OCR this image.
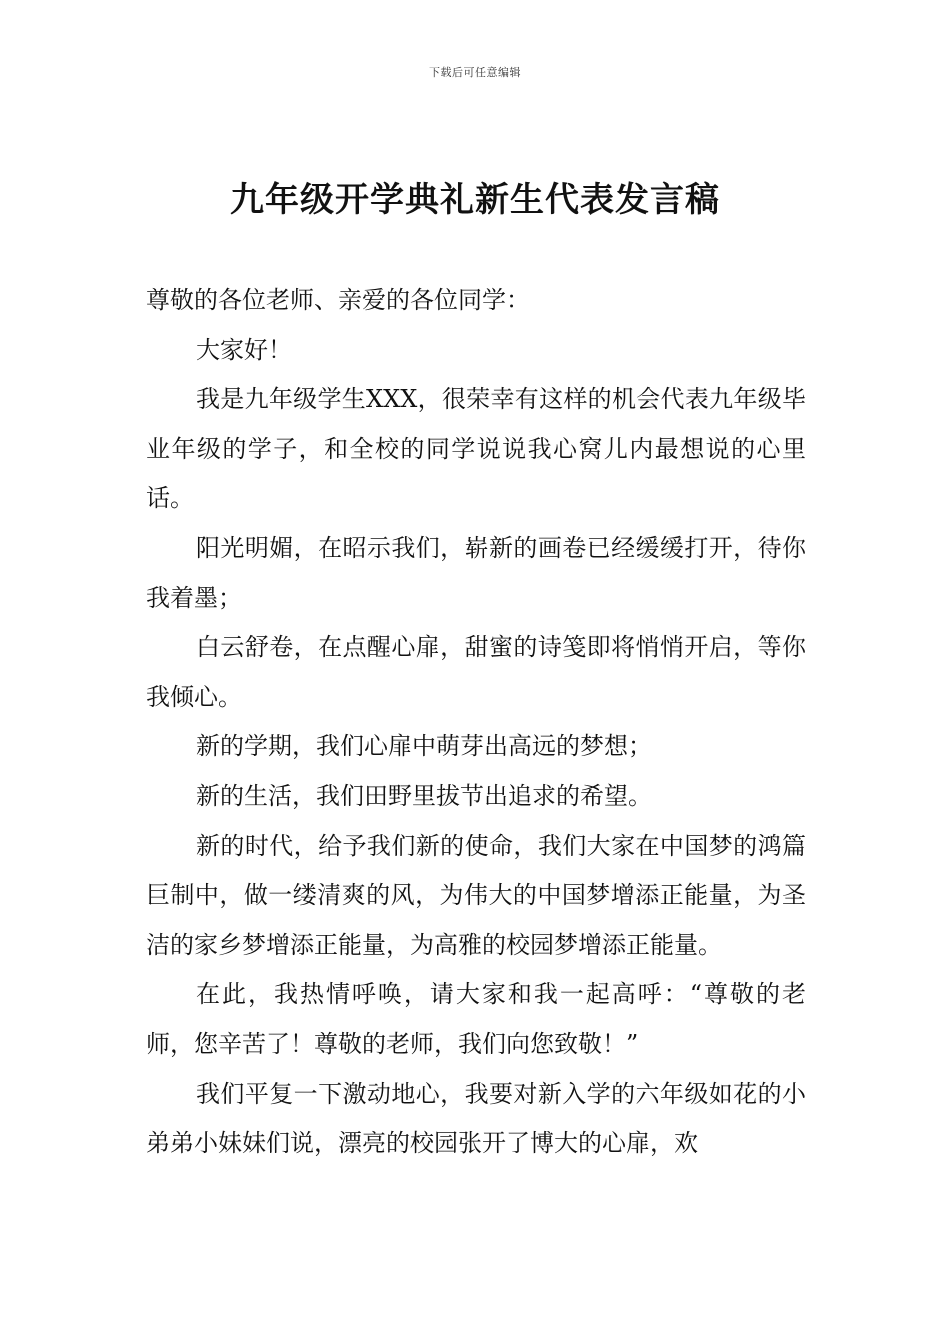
下载后可任意编辑
九年级开学典礼新生代表发言稿

尊敬的各位老师、亲爱的各位同学：

大家好！

我是九年级学生XXX，很荣幸有这样的机会代表九年级毕业年级的学子，和全校的同学说说我心窝儿内最想说的心里话。

阳光明媚，在昭示我们，崭新的画卷已经缓缓打开，待你我着墨；

白云舒卷，在点醒心扉，甜蜜的诗笺即将悄悄开启，等你我倾心。

新的学期，我们心扉中萌芽出高远的梦想；

新的生活，我们田野里拔节出追求的希望。

新的时代，给予我们新的使命，我们大家在中国梦的鸿篇巨制中，做一缕清爽的风，为伟大的中国梦增添正能量，为圣洁的家乡梦增添正能量，为高雅的校园梦增添正能量。

在此，我热情呼唤，请大家和我一起高呼：“尊敬的老师，您辛苦了！尊敬的老师，我们向您致敬！”

我们平复一下激动地心，我要对新入学的六年级如花的小弟弟小妹妹们说，漂亮的校园张开了博大的心扉，欢
